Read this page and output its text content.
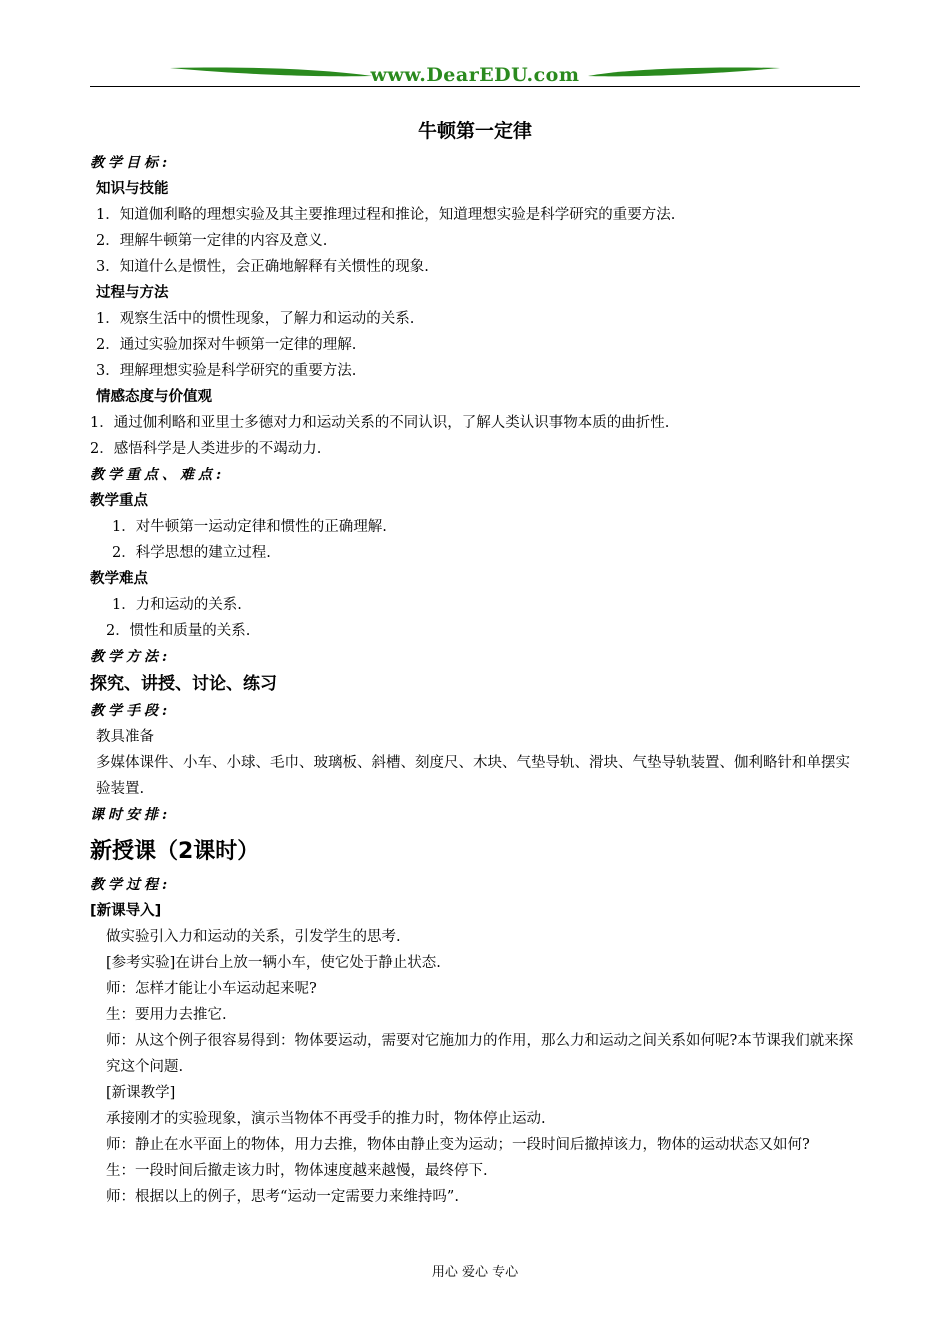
www.DearEDU.com
牛顿第一定律
教学目标:
知识与技能
1．知道伽利略的理想实验及其主要推理过程和推论，知道理想实验是科学研究的重要方法.
2．理解牛顿第一定律的内容及意义.
3．知道什么是惯性，会正确地解释有关惯性的现象.
过程与方法
1．观察生活中的惯性现象，了解力和运动的关系.
2．通过实验加探对牛顿第一定律的理解.
3．理解理想实验是科学研究的重要方法.
情感态度与价值观
1．通过伽利略和亚里士多德对力和运动关系的不同认识，了解人类认识事物本质的曲折性.
2．感悟科学是人类进步的不竭动力.
教学重点、难点:
教学重点
1．对牛顿第一运动定律和惯性的正确理解.
2．科学思想的建立过程.
教学难点
1．力和运动的关系.
2．惯性和质量的关系.
教学方法:
探究、讲授、讨论、练习
教学手段:
教具准备
多媒体课件、小车、小球、毛巾、玻璃板、斜槽、刻度尺、木块、气垫导轨、滑块、气垫导轨装置、伽利略针和单摆实验装置.
课时安排:
新授课（2课时）
教学过程:
[新课导入]
做实验引入力和运动的关系，引发学生的思考.
[参考实验]在讲台上放一辆小车，使它处于静止状态.
师：怎样才能让小车运动起来呢?
生：要用力去推它.
师：从这个例子很容易得到：物体要运动，需要对它施加力的作用，那么力和运动之间关系如何呢?本节课我们就来探究这个问题.
[新课教学]
承接刚才的实验现象，演示当物体不再受手的推力时，物体停止运动.
师：静止在水平面上的物体，用力去推，物体由静止变为运动；一段时间后撤掉该力，物体的运动状态又如何?
生：一段时间后撤走该力时，物体速度越来越慢，最终停下.
师：根据以上的例子，思考“运动一定需要力来维持吗”.
用心 爱心 专心
